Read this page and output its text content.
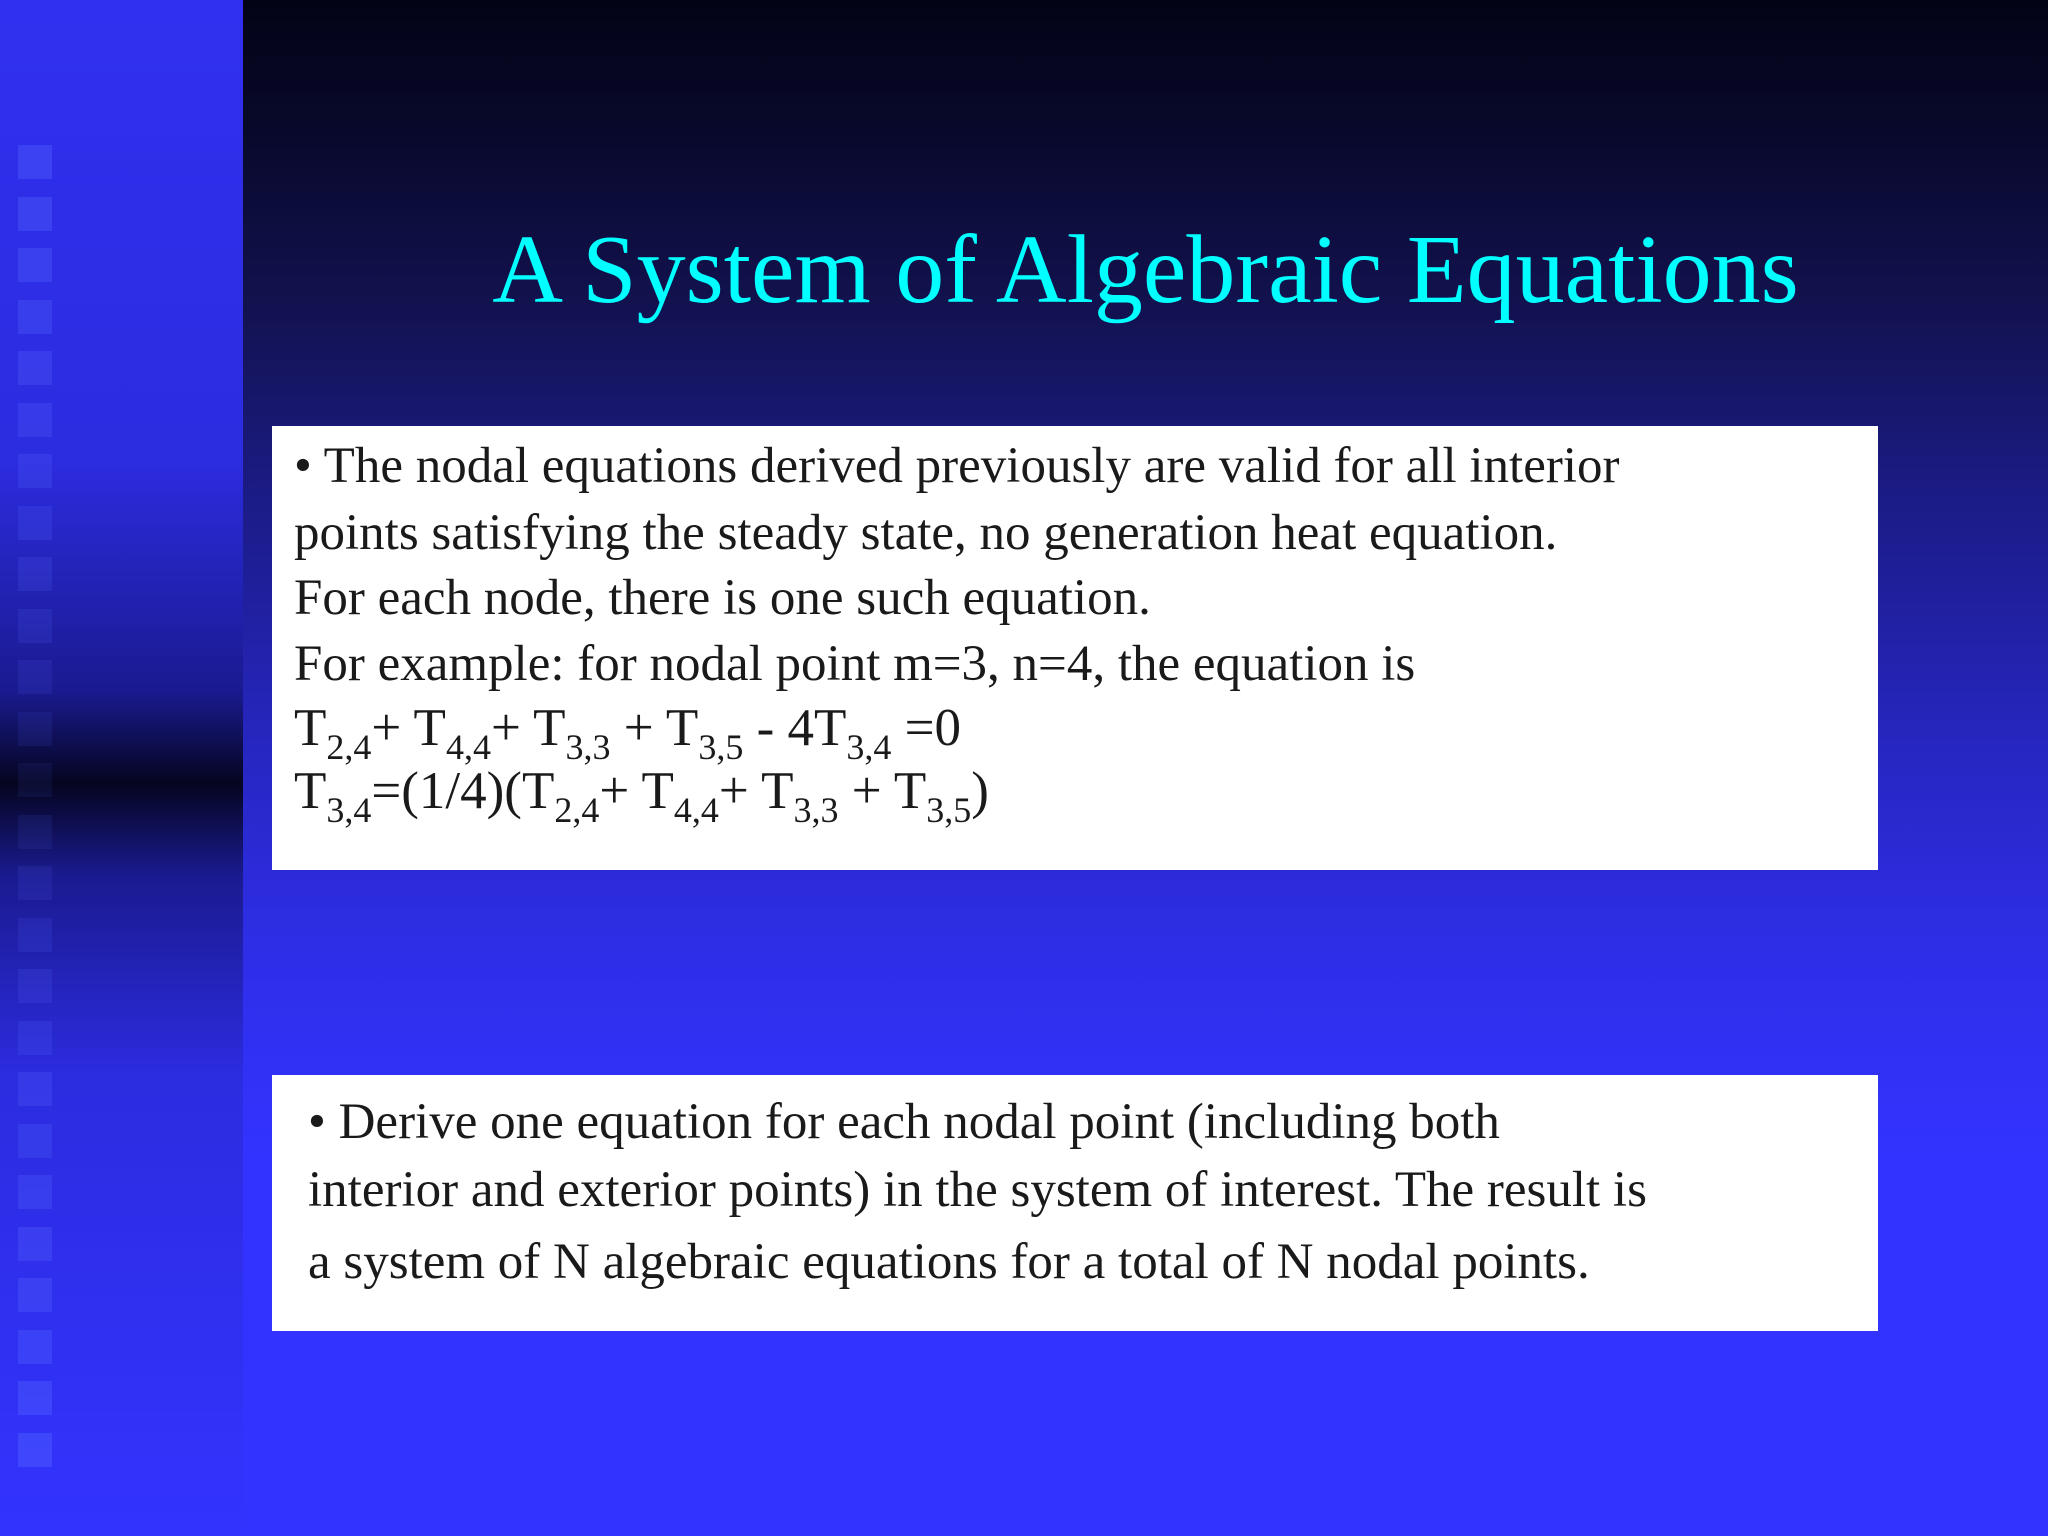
A System of Algebraic Equations
• The nodal equations derived previously are valid for all interior
points satisfying the steady state, no generation heat equation.
For each node, there is one such equation.
For example: for nodal point m=3, n=4, the equation is
$T_{2,4}+ T_{4,4}+ T_{3,3} + T_{3,5} - 4T_{3,4} =0$
$T_{3,4}=(1/4)(T_{2,4}+ T_{4,4}+ T_{3,3} + T_{3,5})$
• Derive one equation for each nodal point (including both
interior and exterior points) in the system of interest. The result is
a system of N algebraic equations for a total of N nodal points.
